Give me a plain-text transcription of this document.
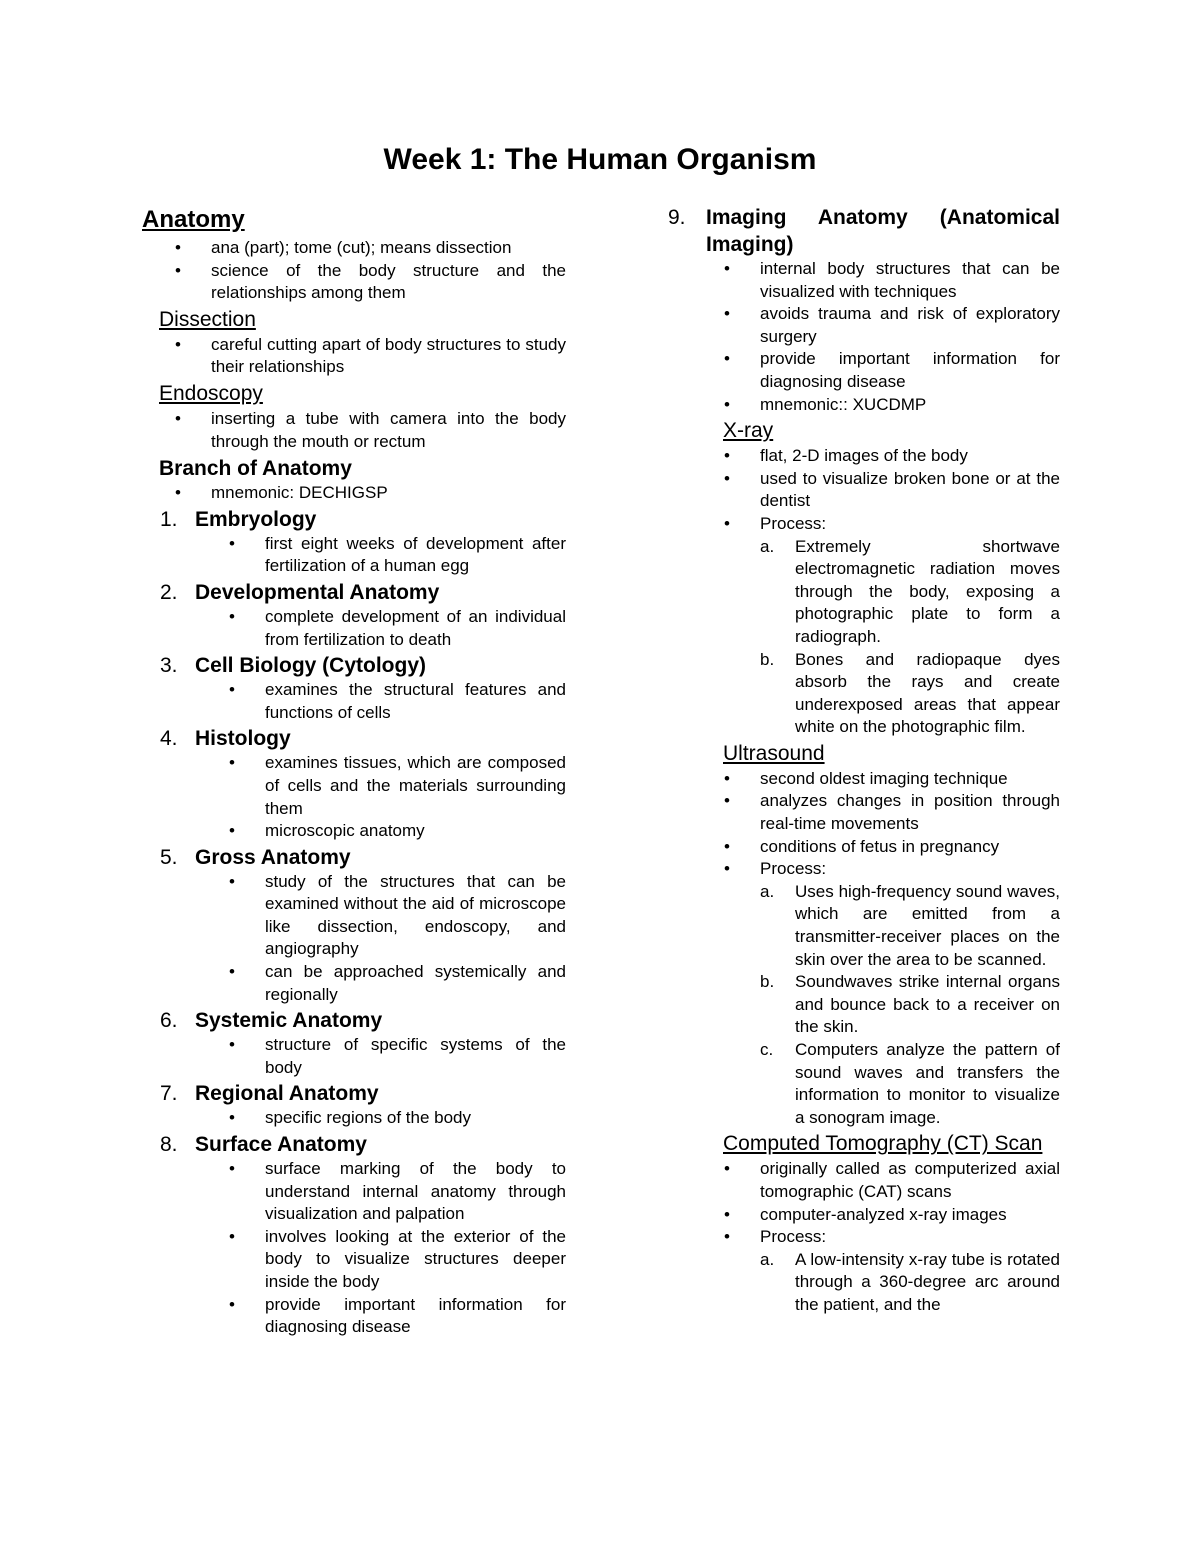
Week 1: The Human Organism
Anatomy
• ana (part); tome (cut); means dissection
• science of the body structure and the relationships among them
Dissection
• careful cutting apart of body structures to study their relationships
Endoscopy
• inserting a tube with camera into the body through the mouth or rectum
Branch of Anatomy
• mnemonic: DECHIGSP
1. Embryology
• first eight weeks of development after fertilization of a human egg
2. Developmental Anatomy
• complete development of an individual from fertilization to death
3. Cell Biology (Cytology)
• examines the structural features and functions of cells
4. Histology
• examines tissues, which are composed of cells and the materials surrounding them
• microscopic anatomy
5. Gross Anatomy
• study of the structures that can be examined without the aid of microscope like dissection, endoscopy, and angiography
• can be approached systemically and regionally
6. Systemic Anatomy
• structure of specific systems of the body
7. Regional Anatomy
• specific regions of the body
8. Surface Anatomy
• surface marking of the body to understand internal anatomy through visualization and palpation
• involves looking at the exterior of the body to visualize structures deeper inside the body
• provide important information for diagnosing disease
9. Imaging Anatomy (Anatomical Imaging)
• internal body structures that can be visualized with techniques
• avoids trauma and risk of exploratory surgery
• provide important information for diagnosing disease
• mnemonic:: XUCDMP
X-ray
• flat, 2-D images of the body
• used to visualize broken bone or at the dentist
• Process:
a. Extremely shortwave electromagnetic radiation moves through the body, exposing a photographic plate to form a radiograph.
b. Bones and radiopaque dyes absorb the rays and create underexposed areas that appear white on the photographic film.
Ultrasound
• second oldest imaging technique
• analyzes changes in position through real-time movements
• conditions of fetus in pregnancy
• Process:
a. Uses high-frequency sound waves, which are emitted from a transmitter-receiver places on the skin over the area to be scanned.
b. Soundwaves strike internal organs and bounce back to a receiver on the skin.
c. Computers analyze the pattern of sound waves and transfers the information to monitor to visualize a sonogram image.
Computed Tomography (CT) Scan
• originally called as computerized axial tomographic (CAT) scans
• computer-analyzed x-ray images
• Process:
a. A low-intensity x-ray tube is rotated through a 360-degree arc around the patient, and the
